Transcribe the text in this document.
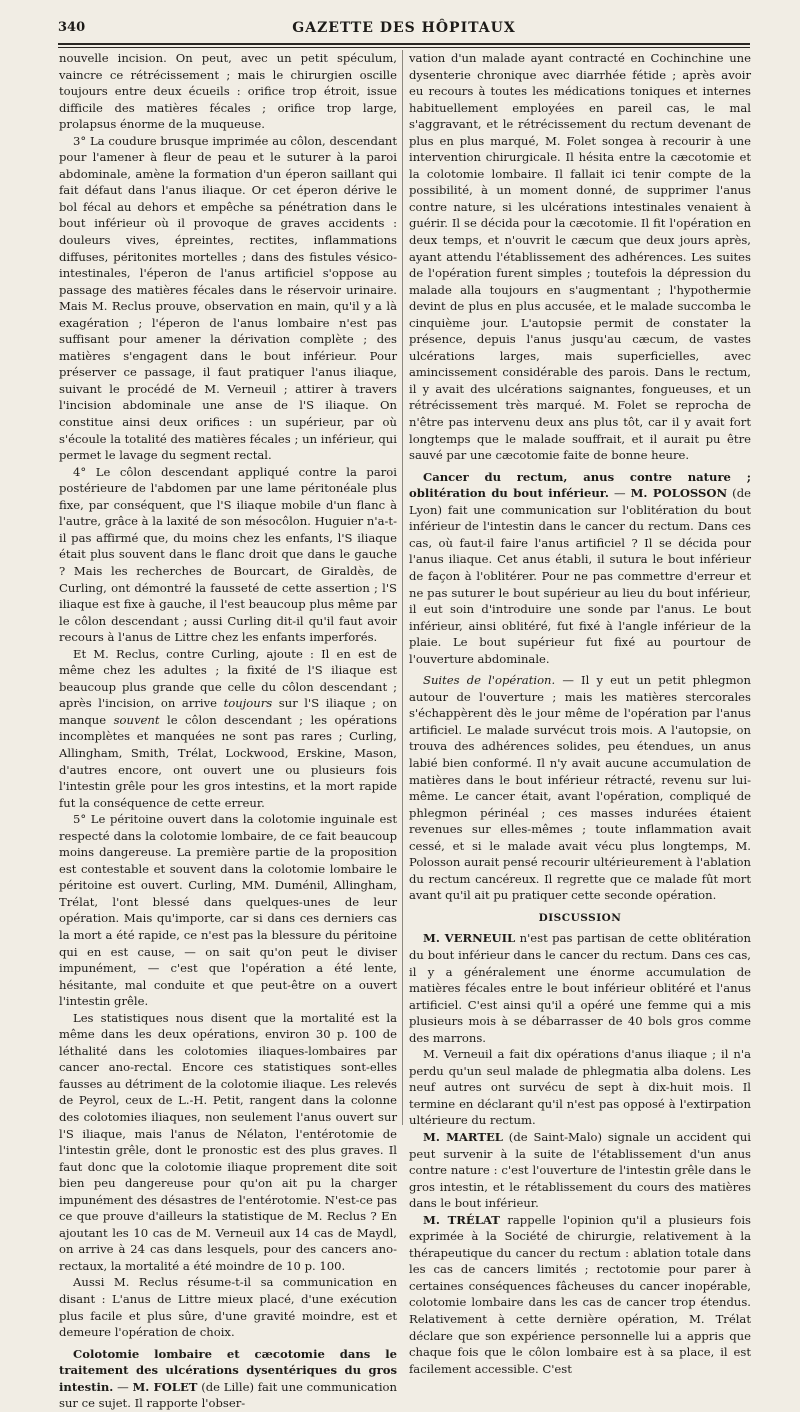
340	GAZETTE DES HÔPITAUX

nouvelle incision. On peut, avec un petit spéculum, vaincre ce rétrécissement ; mais le chirurgien oscille toujours entre deux écueils : orifice trop étroit, issue difficile des matières fécales ; orifice trop large, prolapsus énorme de la muqueuse.

3° La coudure brusque imprimée au côlon, descendant pour l'amener à fleur de peau et le suturer à la paroi abdominale, amène la formation d'un éperon saillant qui fait défaut dans l'anus iliaque. Or cet éperon dérive le bol fécal au dehors et empêche sa pénétration dans le bout inférieur où il provoque de graves accidents : douleurs vives, épreintes, rectites, inflammations diffuses, péritonites mortelles ; dans des fistules vésico-intestinales, l'éperon de l'anus artificiel s'oppose au passage des matières fécales dans le réservoir urinaire. Mais M. Reclus prouve, observation en main, qu'il y a là exagération ; l'éperon de l'anus lombaire n'est pas suffisant pour amener la dérivation complète ; des matières s'engagent dans le bout inférieur. Pour préserver ce passage, il faut pratiquer l'anus iliaque, suivant le procédé de M. Verneuil ; attirer à travers l'incision abdominale une anse de l'S iliaque. On constitue ainsi deux orifices : un supérieur, par où s'écoule la totalité des matières fécales ; un inférieur, qui permet le lavage du segment rectal.

4° Le côlon descendant appliqué contre la paroi postérieure de l'abdomen par une lame péritonéale plus fixe, par conséquent, que l'S iliaque mobile d'un flanc à l'autre, grâce à la laxité de son mésocôlon. Huguier n'a-t-il pas affirmé que, du moins chez les enfants, l'S iliaque était plus souvent dans le flanc droit que dans le gauche ? Mais les recherches de Bourcart, de Giraldès, de Curling, ont démontré la fausseté de cette assertion ; l'S iliaque est fixe à gauche, il l'est beaucoup plus même par le côlon descendant ; aussi Curling dit-il qu'il faut avoir recours à l'anus de Littre chez les enfants imperforés.

Et M. Reclus, contre Curling, ajoute : Il en est de même chez les adultes ; la fixité de l'S iliaque est beaucoup plus grande que celle du côlon descendant ; après l'incision, on arrive toujours sur l'S iliaque ; on manque souvent le côlon descendant ; les opérations incomplètes et manquées ne sont pas rares ; Curling, Allingham, Smith, Trélat, Lockwood, Erskine, Mason, d'autres encore, ont ouvert une ou plusieurs fois l'intestin grêle pour les gros intestins, et la mort rapide fut la conséquence de cette erreur.

5° Le péritoine ouvert dans la colotomie inguinale est respecté dans la colotomie lombaire, de ce fait beaucoup moins dangereuse. La première partie de la proposition est contestable et souvent dans la colotomie lombaire le péritoine est ouvert. Curling, MM. Duménil, Allingham, Trélat, l'ont blessé dans quelques-unes de leur opération. Mais qu'importe, car si dans ces derniers cas la mort a été rapide, ce n'est pas la blessure du péritoine qui en est cause, — on sait qu'on peut le diviser impunément, — c'est que l'opération a été lente, hésitante, mal conduite et que peut-être on a ouvert l'intestin grêle.

Les statistiques nous disent que la mortalité est la même dans les deux opérations, environ 30 p. 100 de léthalité dans les colotomies iliaques-lombaires par cancer ano-rectal. Encore ces statistiques sont-elles fausses au détriment de la colotomie iliaque. Les relevés de Peyrol, ceux de L.-H. Petit, rangent dans la colonne des colotomies iliaques, non seulement l'anus ouvert sur l'S iliaque, mais l'anus de Nélaton, l'entérotomie de l'intestin grêle, dont le pronostic est des plus graves. Il faut donc que la colotomie iliaque proprement dite soit bien peu dangereuse pour qu'on ait pu la charger impunément des désastres de l'entérotomie. N'est-ce pas ce que prouve d'ailleurs la statistique de M. Reclus ? En ajoutant les 10 cas de M. Verneuil aux 14 cas de Maydl, on arrive à 24 cas dans lesquels, pour des cancers ano-rectaux, la mortalité a été moindre de 10 p. 100.

Aussi M. Reclus résume-t-il sa communication en disant : L'anus de Littre mieux placé, d'une exécution plus facile et plus sûre, d'une gravité moindre, est et demeure l'opération de choix.

Colotomie lombaire et cæcotomie dans le traitement des ulcérations dysentériques du gros intestin. — M. FOLET (de Lille) fait une communication sur ce sujet. Il rapporte l'obser-

vation d'un malade ayant contracté en Cochinchine une dysenterie chronique avec diarrhée fétide ; après avoir eu recours à toutes les médications toniques et internes habituellement employées en pareil cas, le mal s'aggravant, et le rétrécissement du rectum devenant de plus en plus marqué, M. Folet songea à recourir à une intervention chirurgicale. Il hésita entre la cæcotomie et la colotomie lombaire. Il fallait ici tenir compte de la possibilité, à un moment donné, de supprimer l'anus contre nature, si les ulcérations intestinales venaient à guérir. Il se décida pour la cæcotomie. Il fit l'opération en deux temps, et n'ouvrit le cæcum que deux jours après, ayant attendu l'établissement des adhérences. Les suites de l'opération furent simples ; toutefois la dépression du malade alla toujours en s'augmentant ; l'hypothermie devint de plus en plus accusée, et le malade succomba le cinquième jour. L'autopsie permit de constater la présence, depuis l'anus jusqu'au cæcum, de vastes ulcérations larges, mais superficielles, avec amincissement considérable des parois. Dans le rectum, il y avait des ulcérations saignantes, fongueuses, et un rétrécissement très marqué. M. Folet se reprocha de n'être pas intervenu deux ans plus tôt, car il y avait fort longtemps que le malade souffrait, et il aurait pu être sauvé par une cæcotomie faite de bonne heure.

Cancer du rectum, anus contre nature ; oblitération du bout inférieur. — M. POLOSSON (de Lyon) fait une communication sur l'oblitération du bout inférieur de l'intestin dans le cancer du rectum. Dans ces cas, où faut-il faire l'anus artificiel ? Il se décida pour l'anus iliaque. Cet anus établi, il sutura le bout inférieur de façon à l'oblitérer. Pour ne pas commettre d'erreur et ne pas suturer le bout supérieur au lieu du bout inférieur, il eut soin d'introduire une sonde par l'anus. Le bout inférieur, ainsi oblitéré, fut fixé à l'angle inférieur de la plaie. Le bout supérieur fut fixé au pourtour de l'ouverture abdominale.

Suites de l'opération. — Il y eut un petit phlegmon autour de l'ouverture ; mais les matières stercorales s'échappèrent dès le jour même de l'opération par l'anus artificiel. Le malade survécut trois mois. A l'autopsie, on trouva des adhérences solides, peu étendues, un anus labié bien conformé. Il n'y avait aucune accumulation de matières dans le bout inférieur rétracté, revenu sur lui-même. Le cancer était, avant l'opération, compliqué de phlegmon périnéal ; ces masses indurées étaient revenues sur elles-mêmes ; toute inflammation avait cessé, et si le malade avait vécu plus longtemps, M. Polosson aurait pensé recourir ultérieurement à l'ablation du rectum cancéreux. Il regrette que ce malade fût mort avant qu'il ait pu pratiquer cette seconde opération.

DISCUSSION

M. VERNEUIL n'est pas partisan de cette oblitération du bout inférieur dans le cancer du rectum. Dans ces cas, il y a généralement une énorme accumulation de matières fécales entre le bout inférieur oblitéré et l'anus artificiel. C'est ainsi qu'il a opéré une femme qui a mis plusieurs mois à se débarrasser de 40 bols gros comme des marrons.

M. Verneuil a fait dix opérations d'anus iliaque ; il n'a perdu qu'un seul malade de phlegmatia alba dolens. Les neuf autres ont survécu de sept à dix-huit mois. Il termine en déclarant qu'il n'est pas opposé à l'extirpation ultérieure du rectum.

M. MARTEL (de Saint-Malo) signale un accident qui peut survenir à la suite de l'établissement d'un anus contre nature : c'est l'ouverture de l'intestin grêle dans le gros intestin, et le rétablissement du cours des matières dans le bout inférieur.

M. TRÉLAT rappelle l'opinion qu'il a plusieurs fois exprimée à la Société de chirurgie, relativement à la thérapeutique du cancer du rectum : ablation totale dans les cas de cancers limités ; rectotomie pour parer à certaines conséquences fâcheuses du cancer inopérable, colotomie lombaire dans les cas de cancer trop étendus. Relativement à cette dernière opération, M. Trélat déclare que son expérience personnelle lui a appris que chaque fois que le côlon lombaire est à sa place, il est facilement accessible. C'est
